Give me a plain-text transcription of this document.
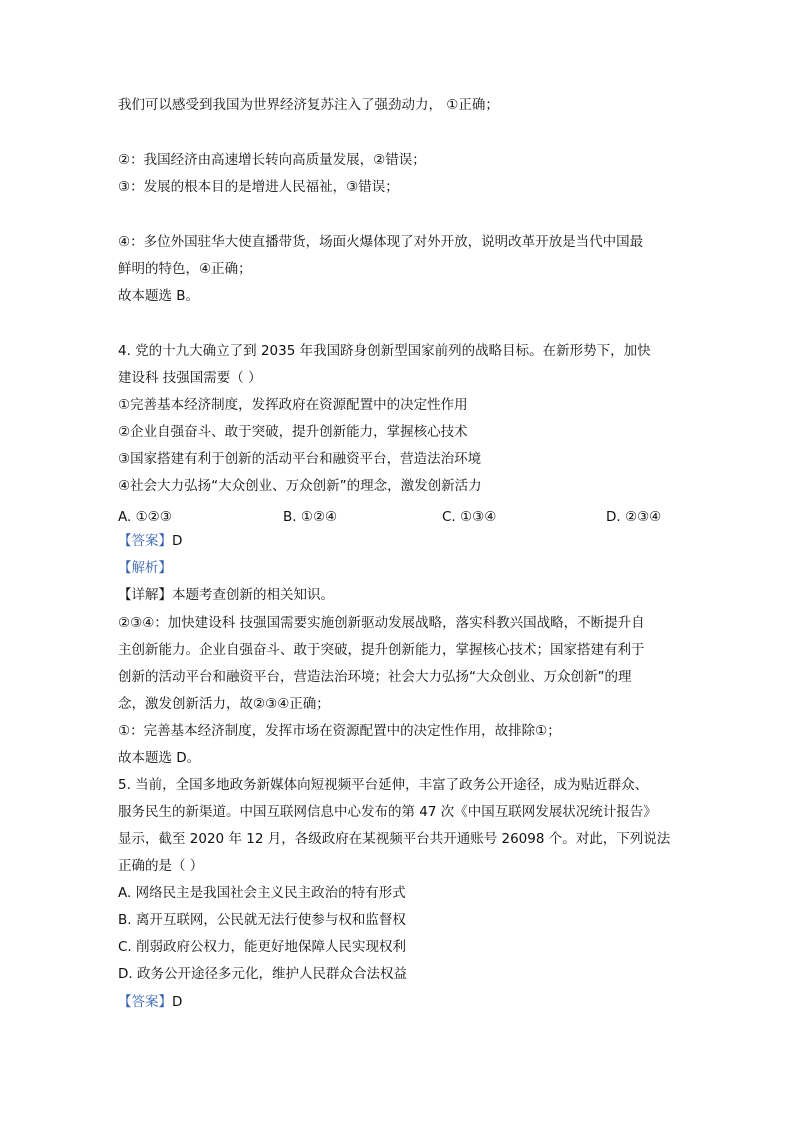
我们可以感受到我国为世界经济复苏注入了强劲动力， ①正确；
②：我国经济由高速增长转向高质量发展，②错误；
③：发展的根本目的是增进人民福祉，③错误；
④：多位外国驻华大使直播带货，场面火爆体现了对外开放，说明改革开放是当代中国最
鲜明的特色，④正确；
故本题选 B。
4. 党的十九大确立了到 2035 年我国跻身创新型国家前列的战略目标。在新形势下，加快
建设科 技强国需要（ ）
①完善基本经济制度，发挥政府在资源配置中的决定性作用
②企业自强奋斗、敢于突破，提升创新能力，掌握核心技术
③国家搭建有利于创新的活动平台和融资平台，营造法治环境
④社会大力弘扬“大众创业、万众创新”的理念，激发创新活力
A. ①②③	B. ①②④	C. ①③④	D. ②③④
【答案】D
【解析】
【详解】本题考查创新的相关知识。
②③④：加快建设科 技强国需要实施创新驱动发展战略，落实科教兴国战略，不断提升自
主创新能力。企业自强奋斗、敢于突破，提升创新能力，掌握核心技术；国家搭建有利于
创新的活动平台和融资平台，营造法治环境；社会大力弘扬“大众创业、万众创新”的理
念，激发创新活力，故②③④正确；
①：完善基本经济制度，发挥市场在资源配置中的决定性作用，故排除①；
故本题选 D。
5. 当前，全国多地政务新媒体向短视频平台延伸，丰富了政务公开途径，成为贴近群众、
服务民生的新渠道。中国互联网信息中心发布的第 47 次《中国互联网发展状况统计报告》
显示，截至 2020 年 12 月，各级政府在某视频平台共开通账号 26098 个。对此，下列说法
正确的是（ ）
A. 网络民主是我国社会主义民主政治的特有形式
B. 离开互联网，公民就无法行使参与权和监督权
C. 削弱政府公权力，能更好地保障人民实现权利
D. 政务公开途径多元化，维护人民群众合法权益
【答案】D
